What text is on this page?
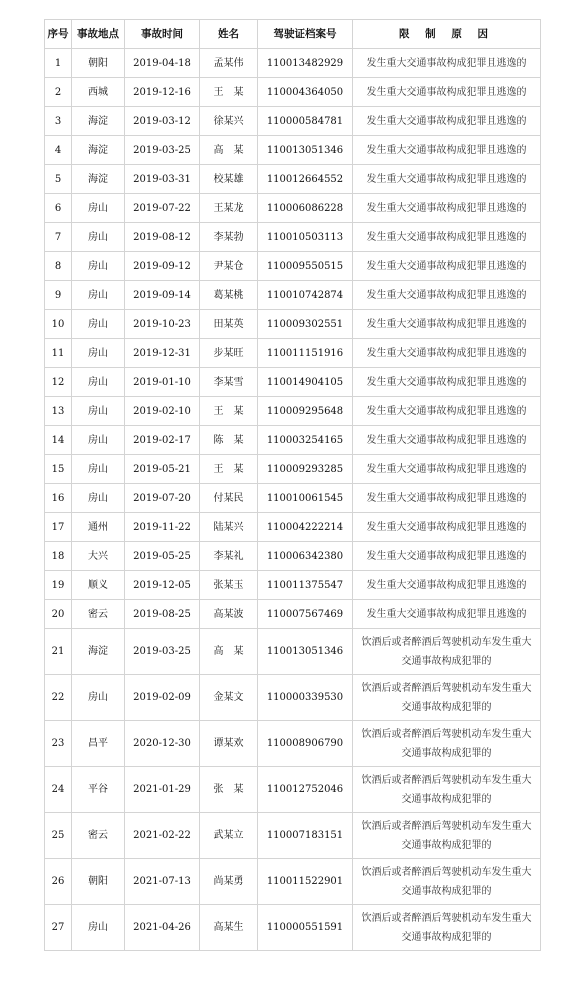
序号	事故地点	事故时间	姓名	驾驶证档案号	限 制 原 因
1	朝阳	2019-04-18	孟某伟	110013482929	发生重大交通事故构成犯罪且逃逸的
2	西城	2019-12-16	王　某	110004364050	发生重大交通事故构成犯罪且逃逸的
3	海淀	2019-03-12	徐某兴	110000584781	发生重大交通事故构成犯罪且逃逸的
4	海淀	2019-03-25	高　某	110013051346	发生重大交通事故构成犯罪且逃逸的
5	海淀	2019-03-31	校某雄	110012664552	发生重大交通事故构成犯罪且逃逸的
6	房山	2019-07-22	王某龙	110006086228	发生重大交通事故构成犯罪且逃逸的
7	房山	2019-08-12	李某勃	110010503113	发生重大交通事故构成犯罪且逃逸的
8	房山	2019-09-12	尹某仓	110009550515	发生重大交通事故构成犯罪且逃逸的
9	房山	2019-09-14	葛某桃	110010742874	发生重大交通事故构成犯罪且逃逸的
10	房山	2019-10-23	田某英	110009302551	发生重大交通事故构成犯罪且逃逸的
11	房山	2019-12-31	步某旺	110011151916	发生重大交通事故构成犯罪且逃逸的
12	房山	2019-01-10	李某雪	110014904105	发生重大交通事故构成犯罪且逃逸的
13	房山	2019-02-10	王　某	110009295648	发生重大交通事故构成犯罪且逃逸的
14	房山	2019-02-17	陈　某	110003254165	发生重大交通事故构成犯罪且逃逸的
15	房山	2019-05-21	王　某	110009293285	发生重大交通事故构成犯罪且逃逸的
16	房山	2019-07-20	付某民	110010061545	发生重大交通事故构成犯罪且逃逸的
17	通州	2019-11-22	陆某兴	110004222214	发生重大交通事故构成犯罪且逃逸的
18	大兴	2019-05-25	李某礼	110006342380	发生重大交通事故构成犯罪且逃逸的
19	顺义	2019-12-05	张某玉	110011375547	发生重大交通事故构成犯罪且逃逸的
20	密云	2019-08-25	高某波	110007567469	发生重大交通事故构成犯罪且逃逸的
21	海淀	2019-03-25	高　某	110013051346	饮酒后或者醉酒后驾驶机动车发生重大
交通事故构成犯罪的

22	房山	2019-02-09	金某文	110000339530	饮酒后或者醉酒后驾驶机动车发生重大
交通事故构成犯罪的

23	昌平	2020-12-30	谭某欢	110008906790	饮酒后或者醉酒后驾驶机动车发生重大
交通事故构成犯罪的

24	平谷	2021-01-29	张　某	110012752046	饮酒后或者醉酒后驾驶机动车发生重大
交通事故构成犯罪的

25	密云	2021-02-22	武某立	110007183151	饮酒后或者醉酒后驾驶机动车发生重大
交通事故构成犯罪的

26	朝阳	2021-07-13	尚某勇	110011522901	饮酒后或者醉酒后驾驶机动车发生重大
交通事故构成犯罪的

27	房山	2021-04-26	高某生	110000551591	饮酒后或者醉酒后驾驶机动车发生重大
交通事故构成犯罪的
